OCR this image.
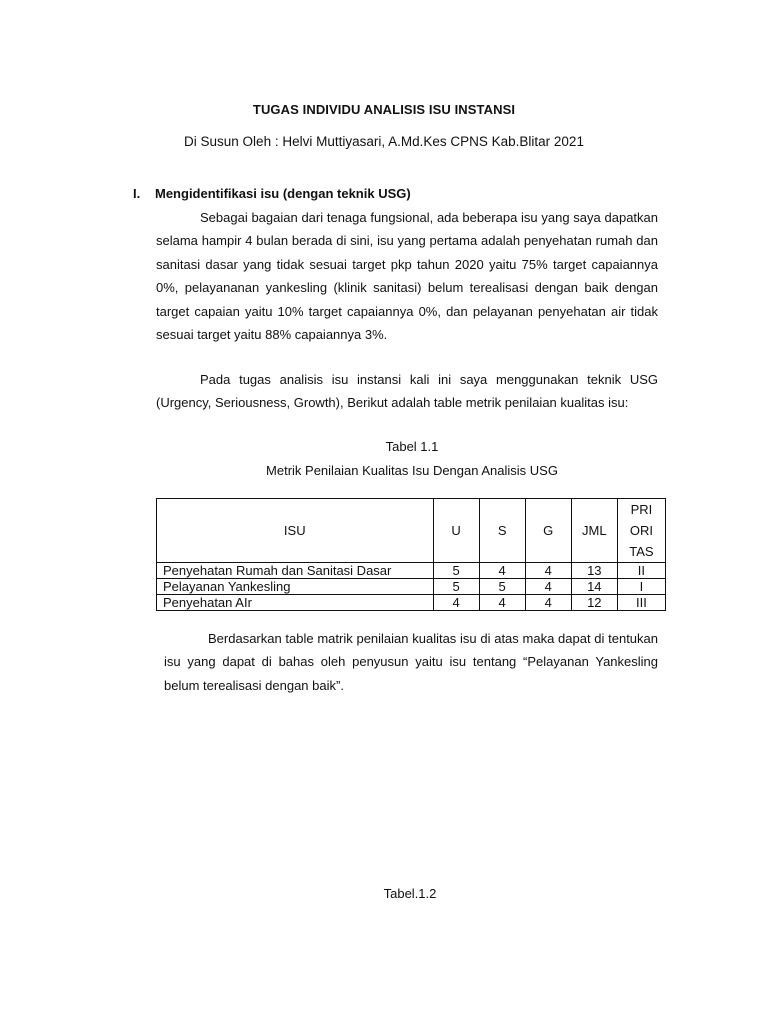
TUGAS INDIVIDU ANALISIS ISU INSTANSI
Di Susun Oleh : Helvi Muttiyasari, A.Md.Kes CPNS Kab.Blitar 2021
I. Mengidentifikasi isu (dengan teknik USG)
Sebagai bagaian dari tenaga fungsional, ada beberapa isu yang saya dapatkan selama hampir 4 bulan berada di sini, isu yang pertama adalah penyehatan rumah dan sanitasi dasar yang tidak sesuai target pkp tahun 2020 yaitu 75% target capaiannya 0%, pelayananan yankesling (klinik sanitasi) belum terealisasi dengan baik dengan target capaian yaitu 10% target capaiannya 0%, dan pelayanan penyehatan air tidak sesuai target yaitu 88% capaiannya 3%.
Pada tugas analisis isu instansi kali ini saya menggunakan teknik USG (Urgency, Seriousness, Growth), Berikut adalah table metrik penilaian kualitas isu:
Tabel 1.1
Metrik Penilaian Kualitas Isu Dengan Analisis USG
ISU	U	S	G	JML	PRI
ORI
TAS

Penyehatan Rumah dan Sanitasi Dasar	5	4	4	13	II
Pelayanan Yankesling	5	5	4	14	I
Penyehatan AIr	4	4	4	12	III
Berdasarkan table matrik penilaian kualitas isu di atas maka dapat di tentukan isu yang dapat di bahas oleh penyusun yaitu isu tentang “Pelayanan Yankesling belum terealisasi dengan baik”.
Tabel.1.2
